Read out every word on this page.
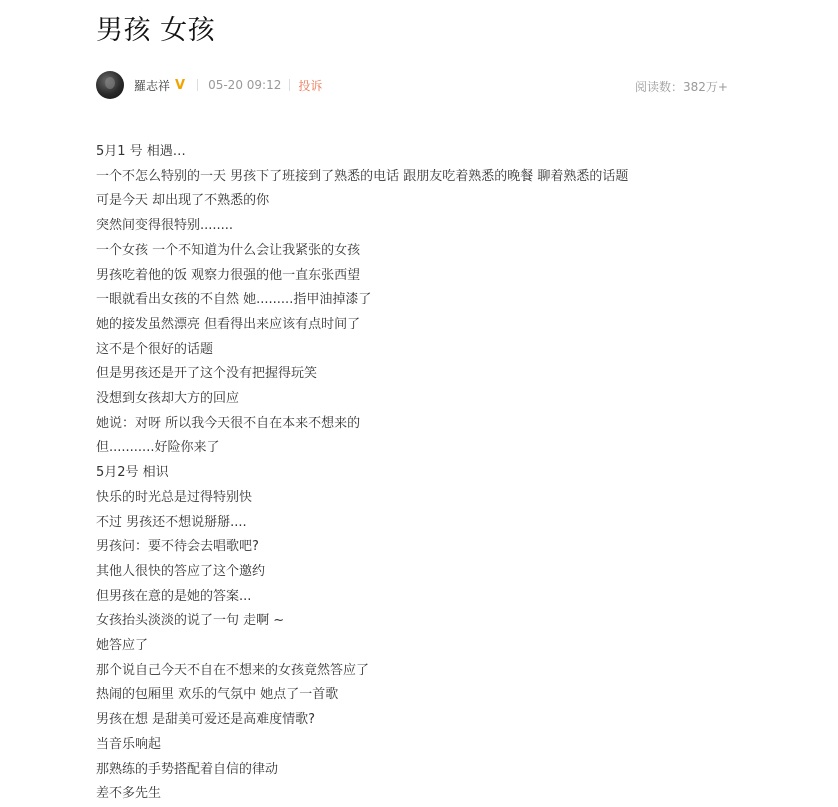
男孩 女孩
羅志祥 V 05-20 09:12 投诉	阅读数：382万+
5月1 号 相遇…
一个不怎么特别的一天 男孩下了班接到了熟悉的电话 跟朋友吃着熟悉的晚餐 聊着熟悉的话题
可是今天 却出现了不熟悉的你
突然间变得很特别........
一个女孩 一个不知道为什么会让我紧张的女孩
男孩吃着他的饭 观察力很强的他一直东张西望
一眼就看出女孩的不自然 她.........指甲油掉漆了
她的接发虽然漂亮 但看得出来应该有点时间了
这不是个很好的话题
但是男孩还是开了这个没有把握得玩笑
没想到女孩却大方的回应
她说：对呀 所以我今天很不自在本来不想来的
但...........好险你来了
5月2号 相识
快乐的时光总是过得特别快
不过 男孩还不想说掰掰....
男孩问：要不待会去唱歌吧?
其他人很快的答应了这个邀约
但男孩在意的是她的答案...
女孩抬头淡淡的说了一句 走啊 ~
她答应了
那个说自己今天不自在不想来的女孩竟然答应了
热闹的包厢里 欢乐的气氛中 她点了一首歌
男孩在想 是甜美可爱还是高难度情歌?
当音乐响起
那熟练的手势搭配着自信的律动
差不多先生
